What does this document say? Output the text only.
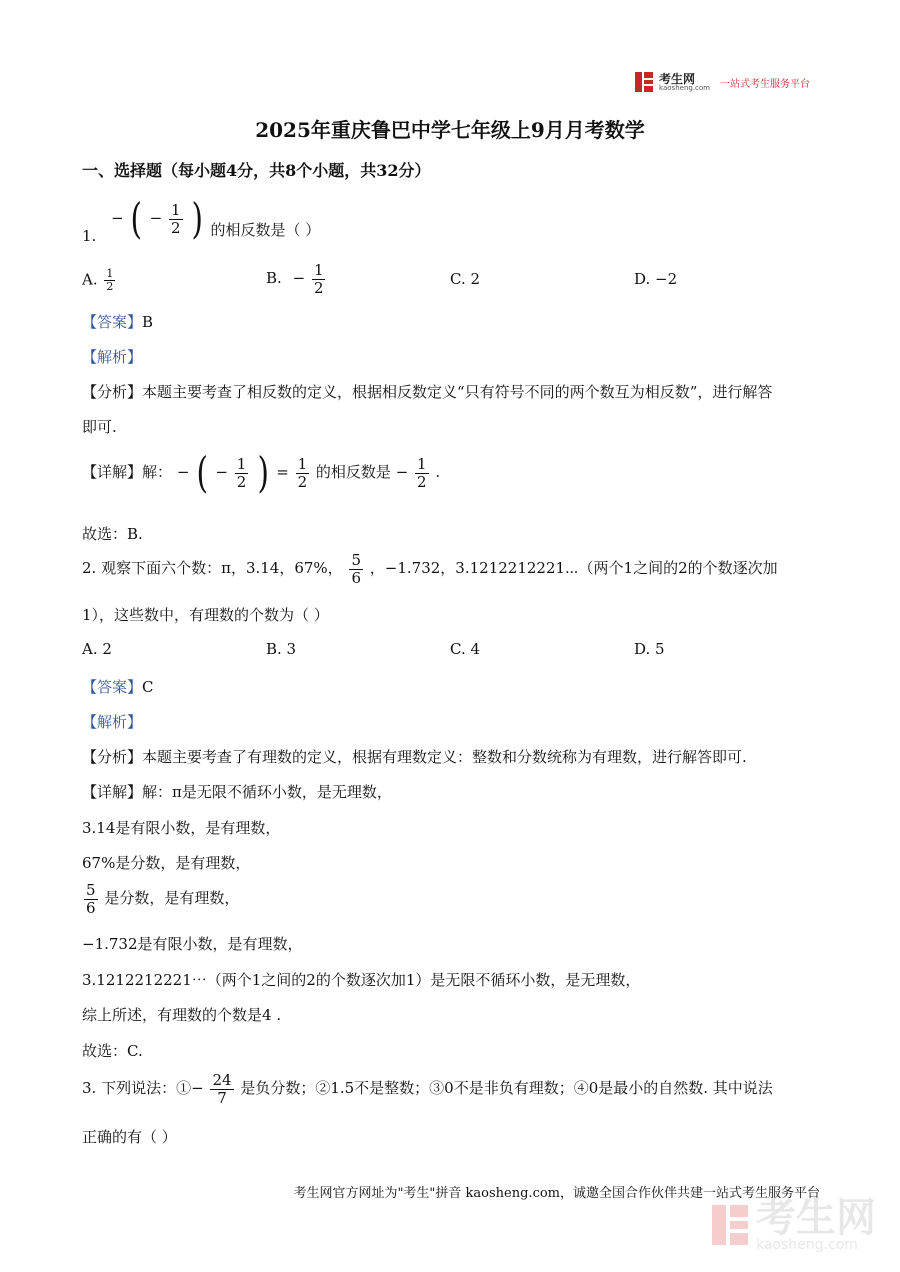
考生网
kaosheng.com 一站式考生服务平台
2025年重庆鲁巴中学七年级上9月月考数学
一、选择题（每小题4分，共8个小题，共32分）
1. − ( − $\frac{1}{2}$ ) 的相反数是（ ）
A. $\frac{1}{2}$	B. − $\frac{1}{2}$	C. 2	D. −2
【答案】B
【解析】
【分析】本题主要考查了相反数的定义，根据相反数定义“只有符号不同的两个数互为相反数”，进行解答
即可.
【详解】解： − ( − $\frac{1}{2}$ ) = $\frac{1}{2}$ 的相反数是 − $\frac{1}{2}$ .
故选：B.
2. 观察下面六个数：π，3.14，67%， $\frac{5}{6}$ ，−1.732，3.1212212221⋯（两个1之间的2的个数逐次加
1），这些数中，有理数的个数为（ ）
A. 2	B. 3	C. 4	D. 5
【答案】C
【解析】
【分析】本题主要考查了有理数的定义，根据有理数定义：整数和分数统称为有理数，进行解答即可.
【详解】解：π是无限不循环小数，是无理数，
3.14是有限小数，是有理数，
67%是分数，是有理数，
$\frac{5}{6}$ 是分数，是有理数，
−1.732是有限小数，是有理数，
3.1212212221⋯（两个1之间的2的个数逐次加1）是无限不循环小数，是无理数，
综上所述，有理数的个数是4 .
故选：C.
3. 下列说法：①− $\frac{24}{7}$ 是负分数；②1.5不是整数；③0不是非负有理数；④0是最小的自然数. 其中说法
正确的有（ ）
考生网官方网址为"考生"拼音 kaosheng.com，诚邀全国合作伙伴共建一站式考生服务平台
考生网
kaosheng.com
